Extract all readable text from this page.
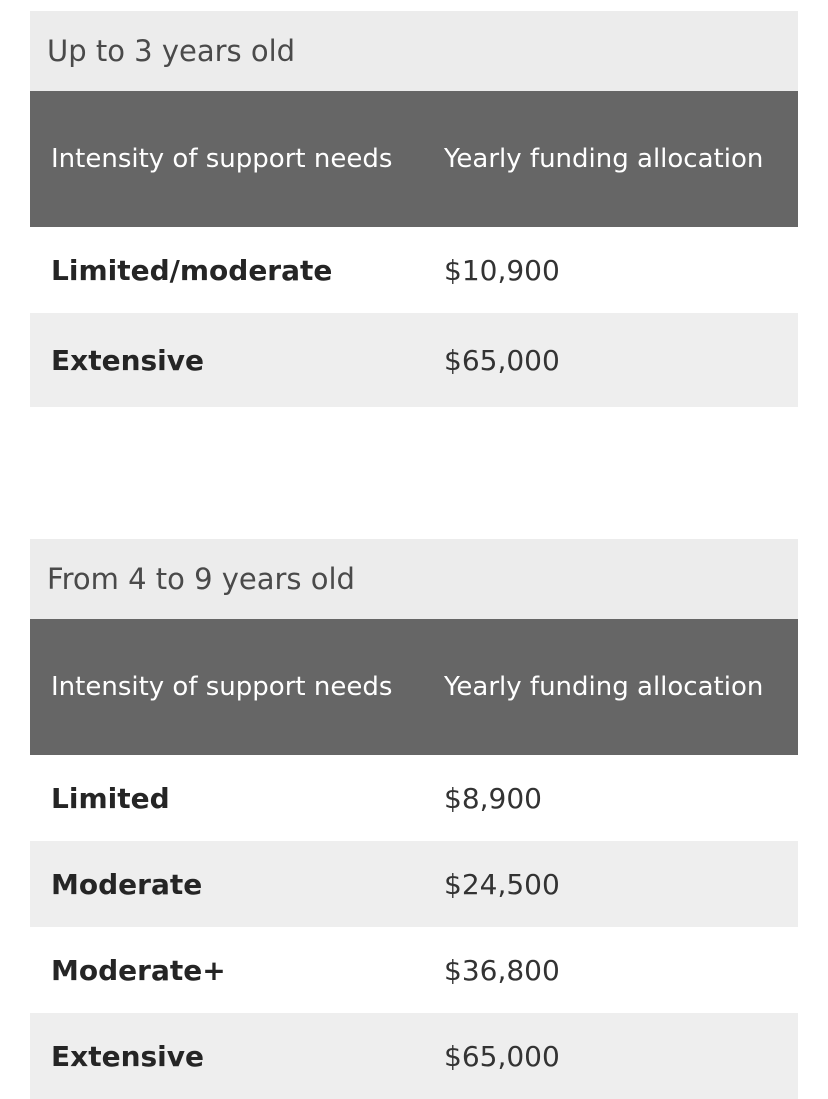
Up to 3 years old	
Intensity of support needs	Yearly funding allocation
Limited/moderate	$10,900
Extensive	$65,000
From 4 to 9 years old	
Intensity of support needs	Yearly funding allocation
Limited	$8,900
Moderate	$24,500
Moderate+	$36,800
Extensive	$65,000
